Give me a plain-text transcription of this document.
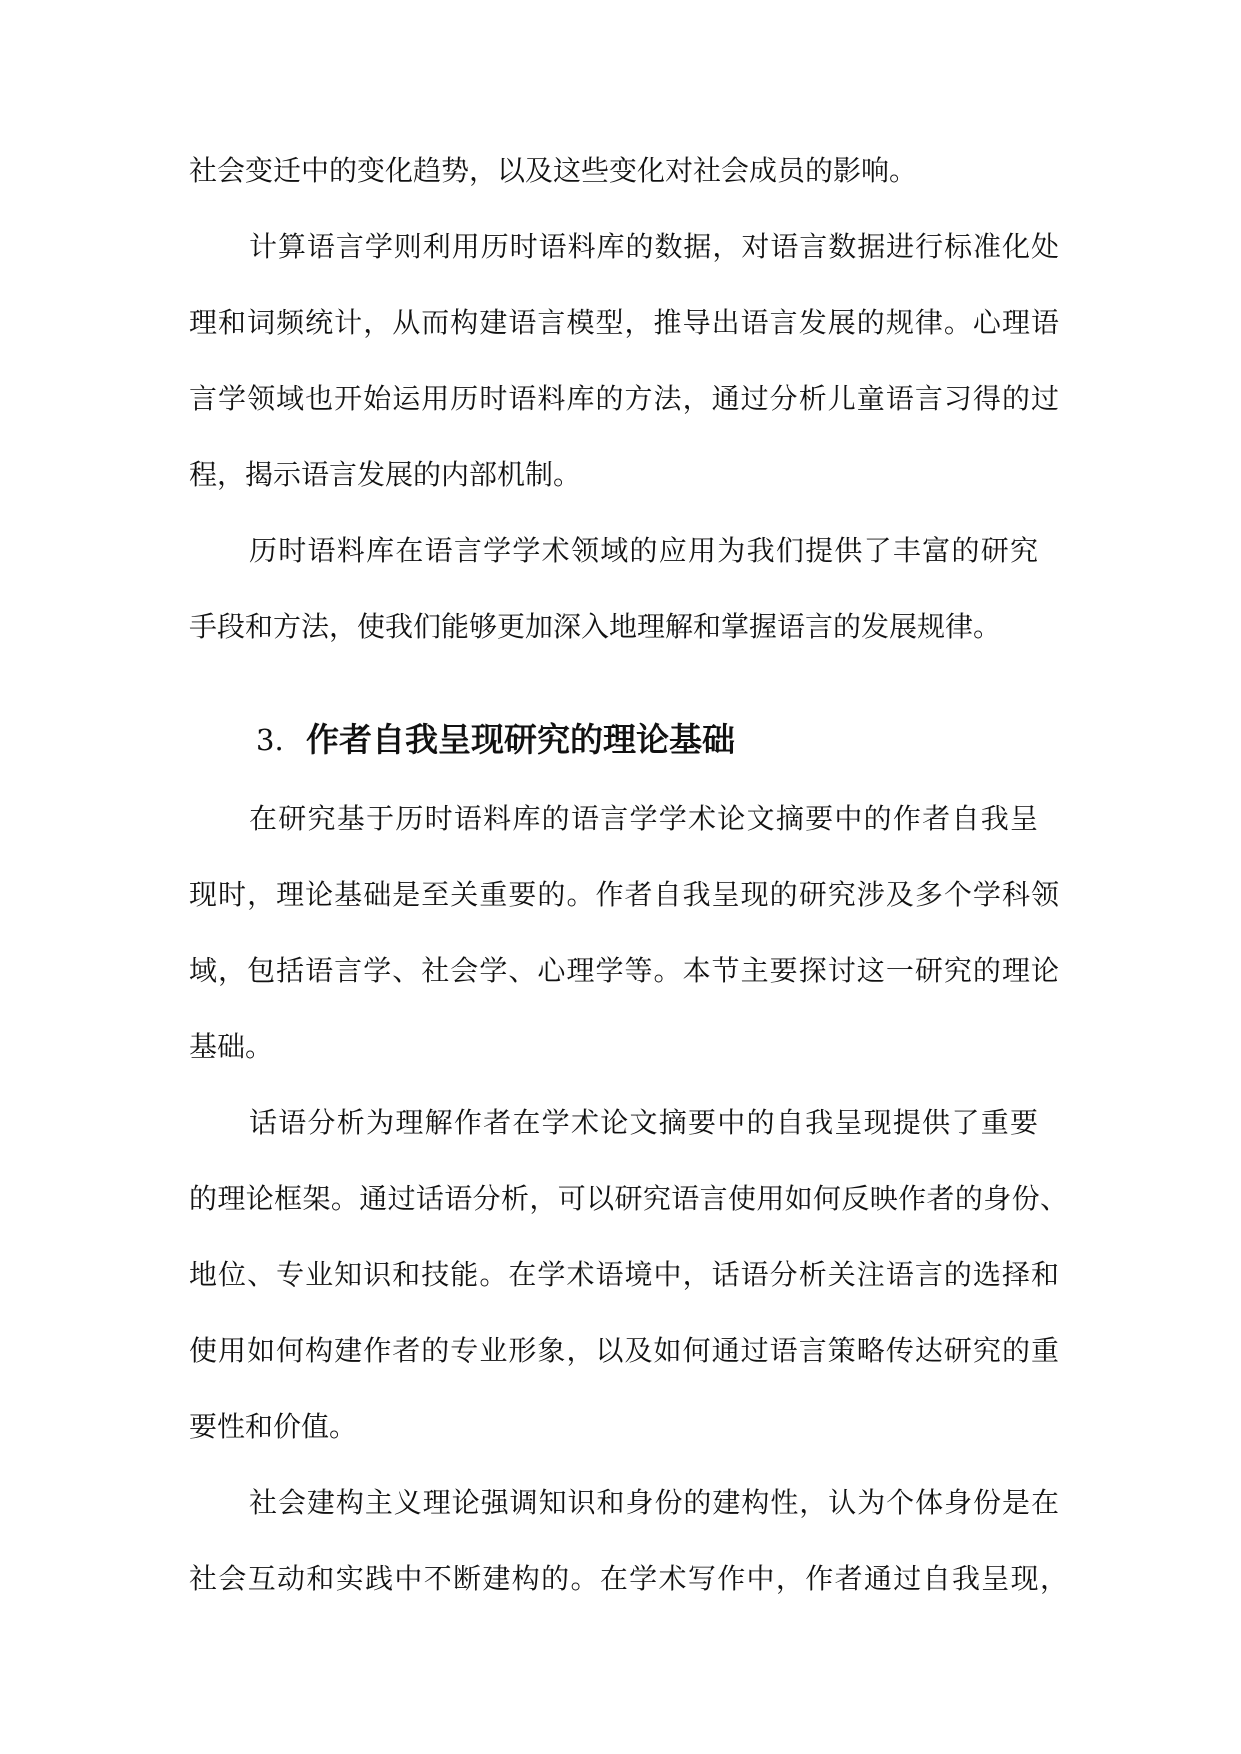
社会变迁中的变化趋势，以及这些变化对社会成员的影响。
计算语言学则利用历时语料库的数据，对语言数据进行标准化处
理和词频统计，从而构建语言模型，推导出语言发展的规律。心理语
言学领域也开始运用历时语料库的方法，通过分析儿童语言习得的过
程，揭示语言发展的内部机制。
历时语料库在语言学学术领域的应用为我们提供了丰富的研究
手段和方法，使我们能够更加深入地理解和掌握语言的发展规律。
3. 作者自我呈现研究的理论基础
在研究基于历时语料库的语言学学术论文摘要中的作者自我呈
现时，理论基础是至关重要的。作者自我呈现的研究涉及多个学科领
域，包括语言学、社会学、心理学等。本节主要探讨这一研究的理论
基础。
话语分析为理解作者在学术论文摘要中的自我呈现提供了重要
的理论框架。通过话语分析，可以研究语言使用如何反映作者的身份、
地位、专业知识和技能。在学术语境中，话语分析关注语言的选择和
使用如何构建作者的专业形象，以及如何通过语言策略传达研究的重
要性和价值。
社会建构主义理论强调知识和身份的建构性，认为个体身份是在
社会互动和实践中不断建构的。在学术写作中，作者通过自我呈现，
